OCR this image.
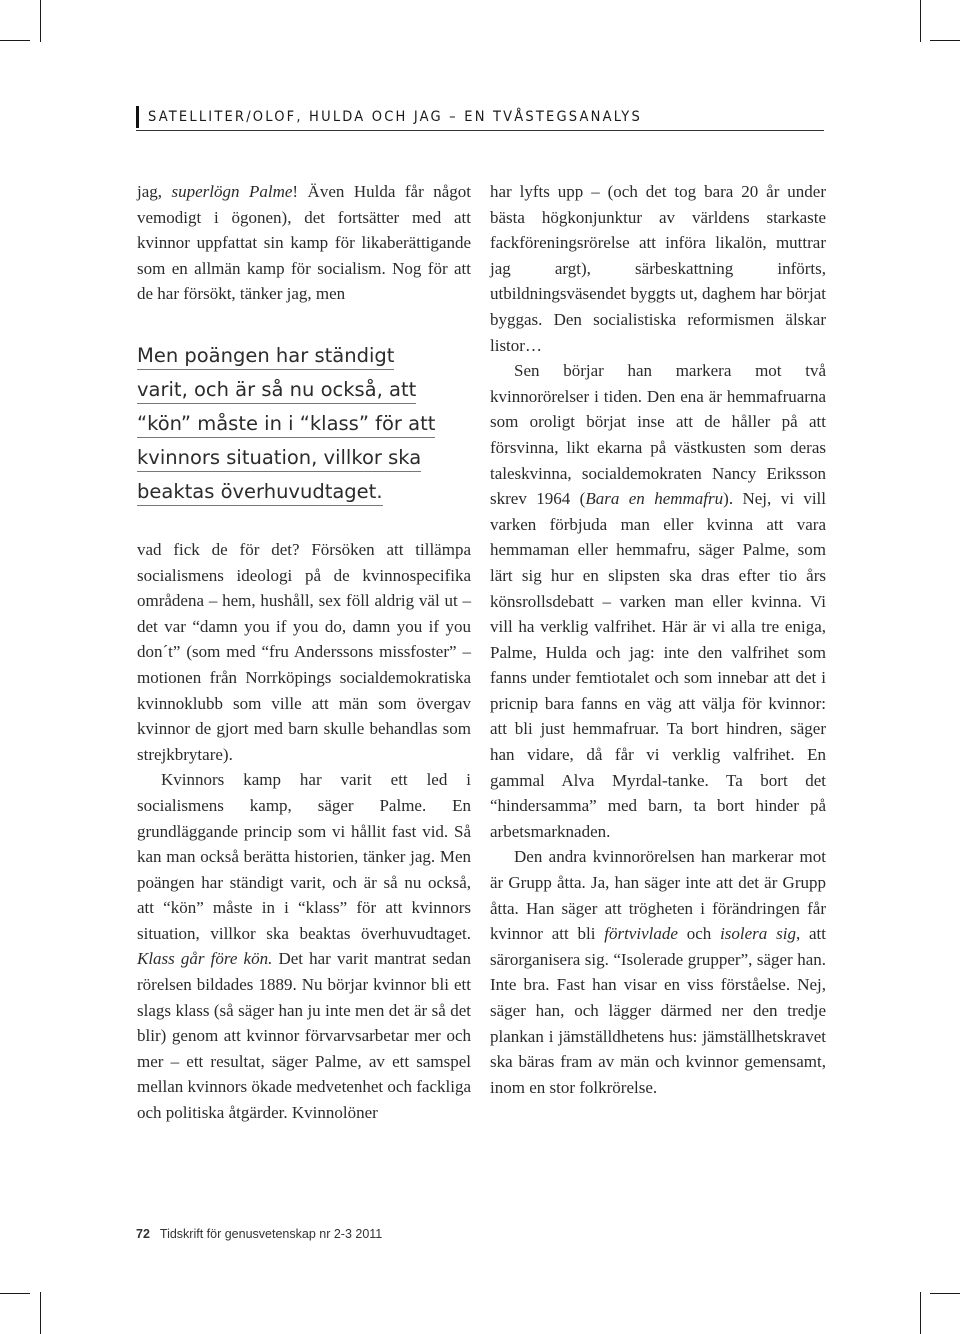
SATELLITER/OLOF, HULDA OCH JAG – EN TVÅSTEGSANALYS

jag, superlögn Palme! Även Hulda får något vemodigt i ögonen), det fortsätter med att kvinnor uppfattat sin kamp för likaberättigande som en allmän kamp för socialism. Nog för att de har försökt, tänker jag, men

Men poängen har ständigt

varit, och är så nu också, att

“kön” måste in i “klass” för att

kvinnors situation, villkor ska

beaktas överhuvudtaget.

vad fick de för det? Försöken att tillämpa socialismens ideologi på de kvinnospecifika områdena – hem, hushåll, sex föll aldrig väl ut – det var “damn you if you do, damn you if you don´t” (som med “fru Anderssons missfoster” – motionen från Norrköpings socialdemokratiska kvinnoklubb som ville att män som övergav kvinnor de gjort med barn skulle behandlas som strejkbrytare).

Kvinnors kamp har varit ett led i socialismens kamp, säger Palme. En grundläggande princip som vi hållit fast vid. Så kan man också berätta historien, tänker jag. Men poängen har ständigt varit, och är så nu också, att “kön” måste in i “klass” för att kvinnors situation, villkor ska beaktas överhuvudtaget. Klass går före kön. Det har varit mantrat sedan rörelsen bildades 1889. Nu börjar kvinnor bli ett slags klass (så säger han ju inte men det är så det blir) genom att kvinnor förvarvsarbetar mer och mer – ett resultat, säger Palme, av ett samspel mellan kvinnors ökade medvetenhet och fackliga och politiska åtgärder. Kvinnolöner

har lyfts upp – (och det tog bara 20 år under bästa högkonjunktur av världens starkaste fackföreningsrörelse att införa likalön, muttrar jag argt), särbeskattning införts, utbildningsväsendet byggts ut, daghem har börjat byggas. Den socialistiska reformismen älskar listor…

Sen börjar han markera mot två kvinnorörelser i tiden. Den ena är hemmafruarna som oroligt börjat inse att de håller på att försvinna, likt ekarna på västkusten som deras taleskvinna, socialdemokraten Nancy Eriksson skrev 1964 (Bara en hemmafru). Nej, vi vill varken förbjuda man eller kvinna att vara hemmaman eller hemmafru, säger Palme, som lärt sig hur en slipsten ska dras efter tio års könsrollsdebatt – varken man eller kvinna. Vi vill ha verklig valfrihet. Här är vi alla tre eniga, Palme, Hulda och jag: inte den valfrihet som fanns under femtiotalet och som innebar att det i pricnip bara fanns en väg att välja för kvinnor: att bli just hemmafruar. Ta bort hindren, säger han vidare, då får vi verklig valfrihet. En gammal Alva Myrdal-tanke. Ta bort det “hindersamma” med barn, ta bort hinder på arbetsmarknaden.

Den andra kvinnorörelsen han markerar mot är Grupp åtta. Ja, han säger inte att det är Grupp åtta. Han säger att trögheten i förändringen får kvinnor att bli förtvivlade och isolera sig, att särorganisera sig. “Isolerade grupper”, säger han. Inte bra. Fast han visar en viss förståelse. Nej, säger han, och lägger därmed ner den tredje plankan i jämställdhetens hus: jämställhetskravet ska bäras fram av män och kvinnor gemensamt, inom en stor folkrörelse.

72 Tidskrift för genusvetenskap nr 2-3 2011
